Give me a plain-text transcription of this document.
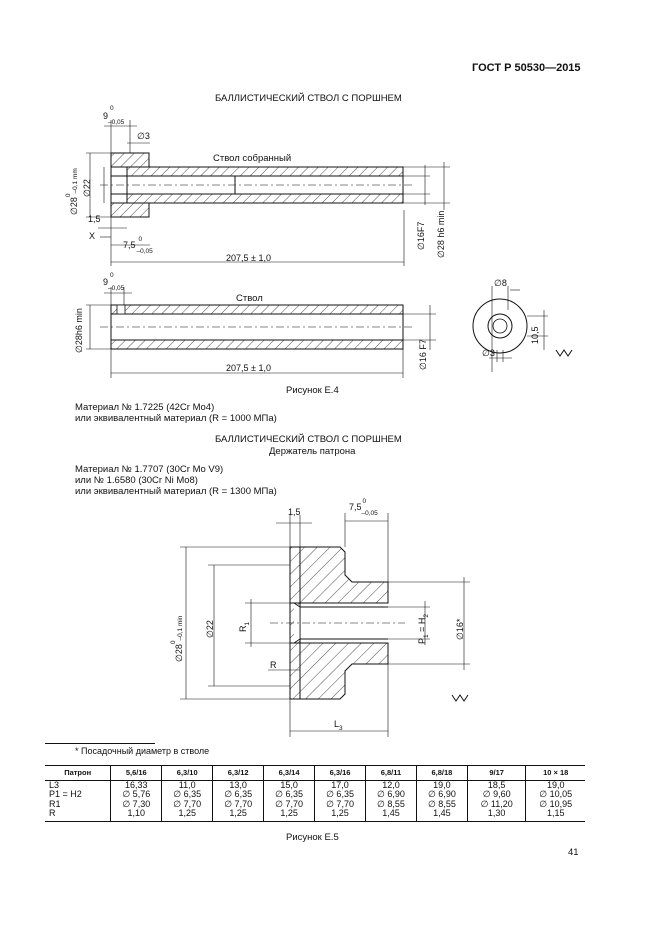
ГОСТ Р 50530—2015
БАЛЛИСТИЧЕСКИЙ СТВОЛ С ПОРШНЕМ
9
0
–0,05
∅3
Ствол собранный
$\emptyset 28^0-0,1$ mm ∅22
1,5
X
7,5
0
–0,05
207,5 ± 1,0
∅16F7 ∅28 h6 min
9
0
–0,05
Ствол
∅28h6 min
207,5 ± 1,0	∅16 F7
∅8
∅3
10,5
Рисунок Е.4
Материал № 1.7225 (42Cr Mo4)
или эквивалентный материал (R = 1000 МПа)
БАЛЛИСТИЧЕСКИЙ СТВОЛ С ПОРШНЕМ
Держатель патрона
Материал № 1.7707 (30Cr Mo V9)
или № 1.6580 (30Cr Ni Mo8)
или эквивалентный материал (R = 1300 МПа)
1,5	7,5
0
–0,05
$\emptyset 28^0-0,1$ min ∅22	$R_1$
R
$P_1 = H_2$
∅16*
$L_3$
* Посадочный диаметр в стволе
Патрон	5,6/16	6,3/10	6,3/12	6,3/14	6,3/16	6,8/11	6,8/18	9/17	10 × 18
L3	16,33	11,0	13,0	15,0	17,0	12,0	19,0	18,5	19,0
P1 = H2	∅ 5,76	∅ 6,35	∅ 6,35	∅ 6,35	∅ 6,35	∅ 6,90	∅ 6,90	∅ 9,60	∅ 10,05
R1	∅ 7,30	∅ 7,70	∅ 7,70	∅ 7,70	∅ 7,70	∅ 8,55	∅ 8,55	∅ 11,20	∅ 10,95
R	1,10	1,25	1,25	1,25	1,25	1,45	1,45	1,30	1,15
Рисунок Е.5
41
